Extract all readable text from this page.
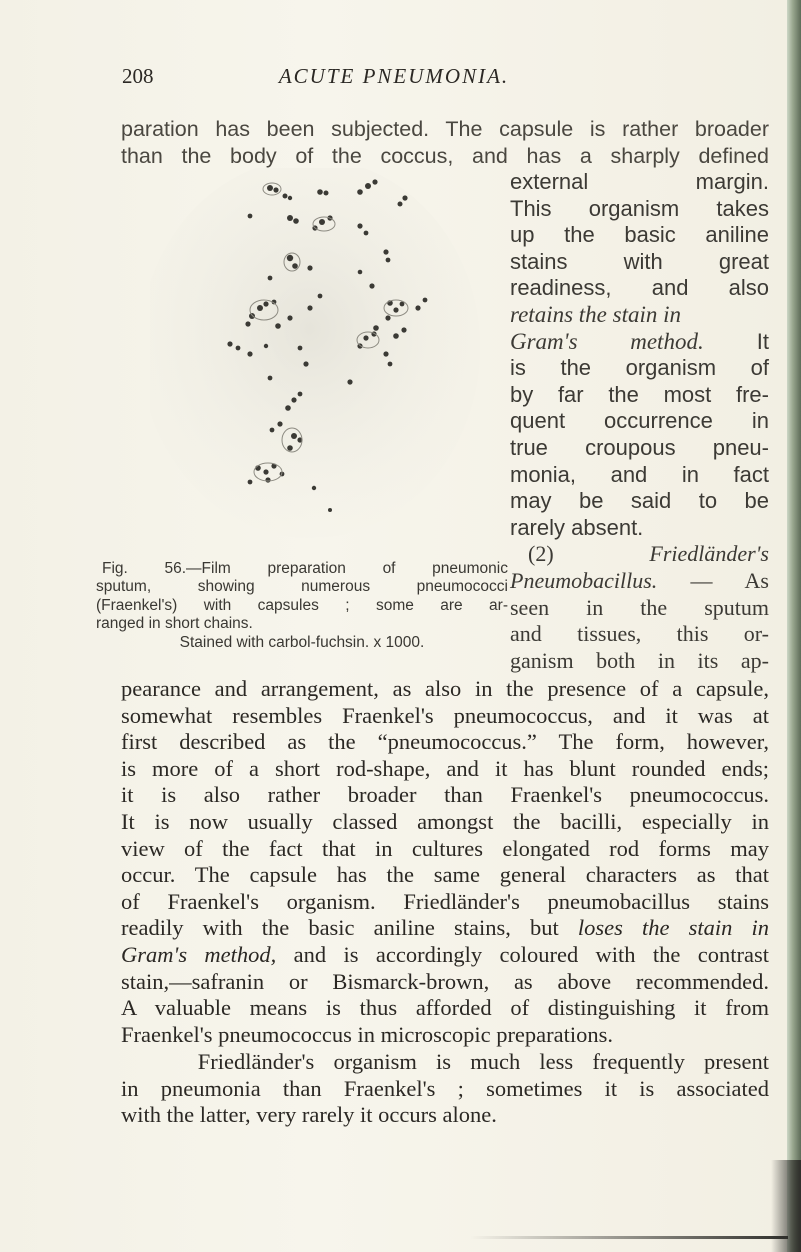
208	ACUTE PNEUMONIA.
paration has been subjected. The capsule is rather broader
than the body of the coccus, and has a sharply defined
external margin.
This organism takes
up the basic aniline
stains with great
readiness, and also
retains the stain in
Gram's method. It
is the organism of
by far the most fre-
quent occurrence in
true croupous pneu-
monia, and in fact
may be said to be
rarely absent.
(2)	Friedländer's
Pneumobacillus. — As
seen in the sputum
and tissues, this or-
ganism both in its ap-
Fig. 56.—Film preparation of pneumonic
sputum, showing numerous pneumococci
(Fraenkel's) with capsules ; some are ar-
ranged in short chains.
Stained with carbol-fuchsin. x 1000.
pearance and arrangement, as also in the presence of a capsule,
somewhat resembles Fraenkel's pneumococcus, and it was at
first described as the “pneumococcus.” The form, however,
is more of a short rod-shape, and it has blunt rounded ends;
it is also rather broader than Fraenkel's pneumococcus.
It is now usually classed amongst the bacilli, especially in
view of the fact that in cultures elongated rod forms may
occur. The capsule has the same general characters as that
of Fraenkel's organism. Friedländer's pneumobacillus stains
readily with the basic aniline stains, but loses the stain in
Gram's method, and is accordingly coloured with the contrast
stain,—safranin or Bismarck-brown, as above recommended.
A valuable means is thus afforded of distinguishing it from
Fraenkel's pneumococcus in microscopic preparations.
Friedländer's organism is much less frequently present
in pneumonia than Fraenkel's ; sometimes it is associated
with the latter, very rarely it occurs alone.
